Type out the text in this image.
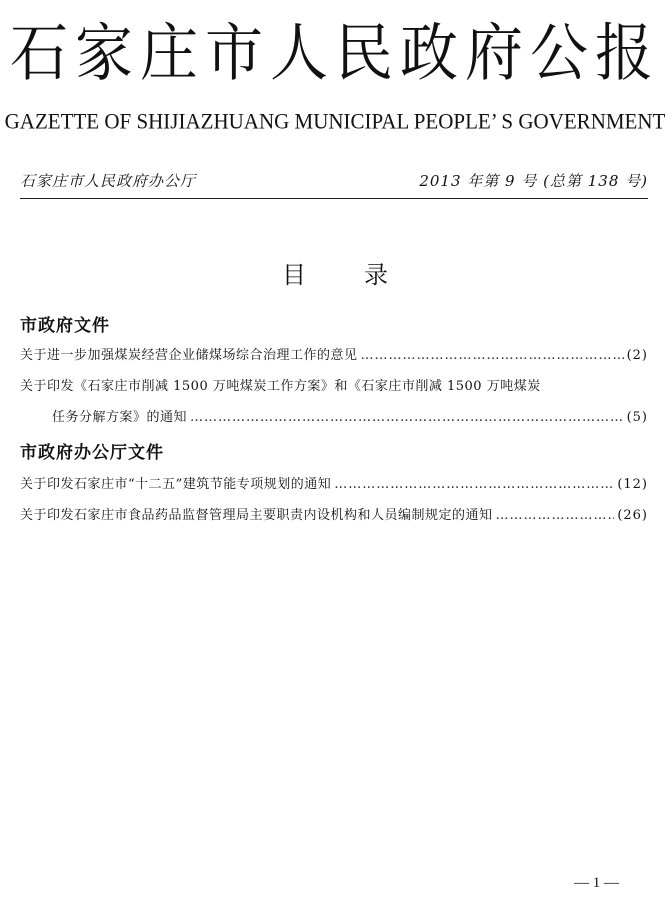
石家庄市人民政府公报
GAZETTE OF SHIJIAZHUANG MUNICIPAL PEOPLE’ S GOVERNMENT
石家庄市人民政府办公厅	2013 年第 9 号 (总第 138 号)
目录
市政府文件
关于进一步加强煤炭经营企业储煤场综合治理工作的意见 ……………………………………………………………………………………………………………………………………………………………………	(2)
关于印发《石家庄市削减 1500 万吨煤炭工作方案》和《石家庄市削减 1500 万吨煤炭
任务分解方案》的通知 ……………………………………………………………………………………………………………………………………………………………………	(5)
市政府办公厅文件
关于印发石家庄市“十二五”建筑节能专项规划的通知 ……………………………………………………………………………………………………………………………………………………………………	(12)
关于印发石家庄市食品药品监督管理局主要职责内设机构和人员编制规定的通知 ……………………………………………………………………………………………………………………………………………………………………	(26)
— 1 —
